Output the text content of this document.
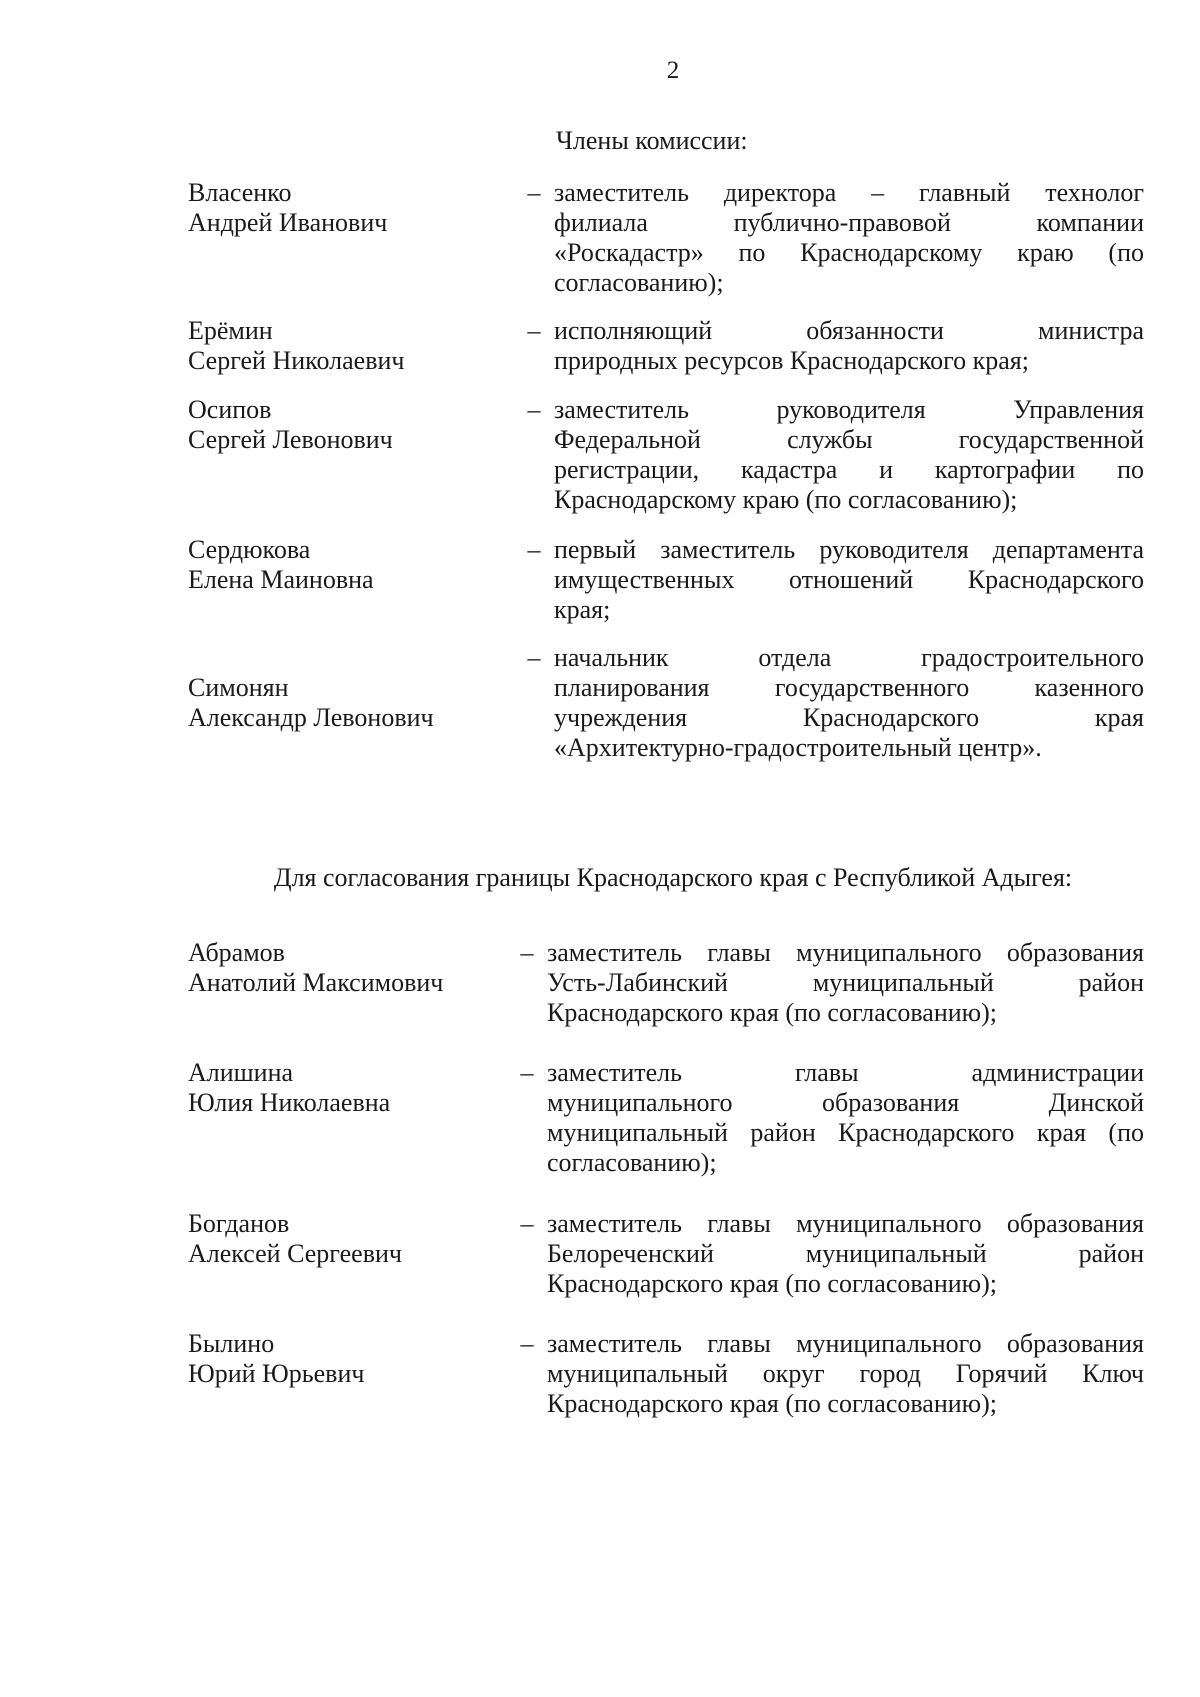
2
Члены комиссии:
Власенко
Андрей Иванович
– заместитель директора – главный технолог
филиала публично-правовой компании
«Роскадастр» по Краснодарскому краю (по
согласованию);
Ерёмин
Сергей Николаевич
– исполняющий обязанности министра
природных ресурсов Краснодарского края;
Осипов
Сергей Левонович
– заместитель руководителя Управления
Федеральной службы государственной
регистрации, кадастра и картографии по
Краснодарскому краю (по согласованию);
Сердюкова
Елена Маиновна
– первый заместитель руководителя департамента
имущественных отношений Краснодарского
края;
Симонян
Александр Левонович
– начальник отдела градостроительного
планирования государственного казенного
учреждения Краснодарского края
«Архитектурно-градостроительный центр».
Для согласования границы Краснодарского края с Республикой Адыгея:
Абрамов
Анатолий Максимович
– заместитель главы муниципального образования
Усть-Лабинский муниципальный район
Краснодарского края (по согласованию);
Алишина
Юлия Николаевна
– заместитель главы администрации
муниципального образования Динской
муниципальный район Краснодарского края (по
согласованию);
Богданов
Алексей Сергеевич
– заместитель главы муниципального образования
Белореченский муниципальный район
Краснодарского края (по согласованию);
Былино
Юрий Юрьевич
– заместитель главы муниципального образования
муниципальный округ город Горячий Ключ
Краснодарского края (по согласованию);
